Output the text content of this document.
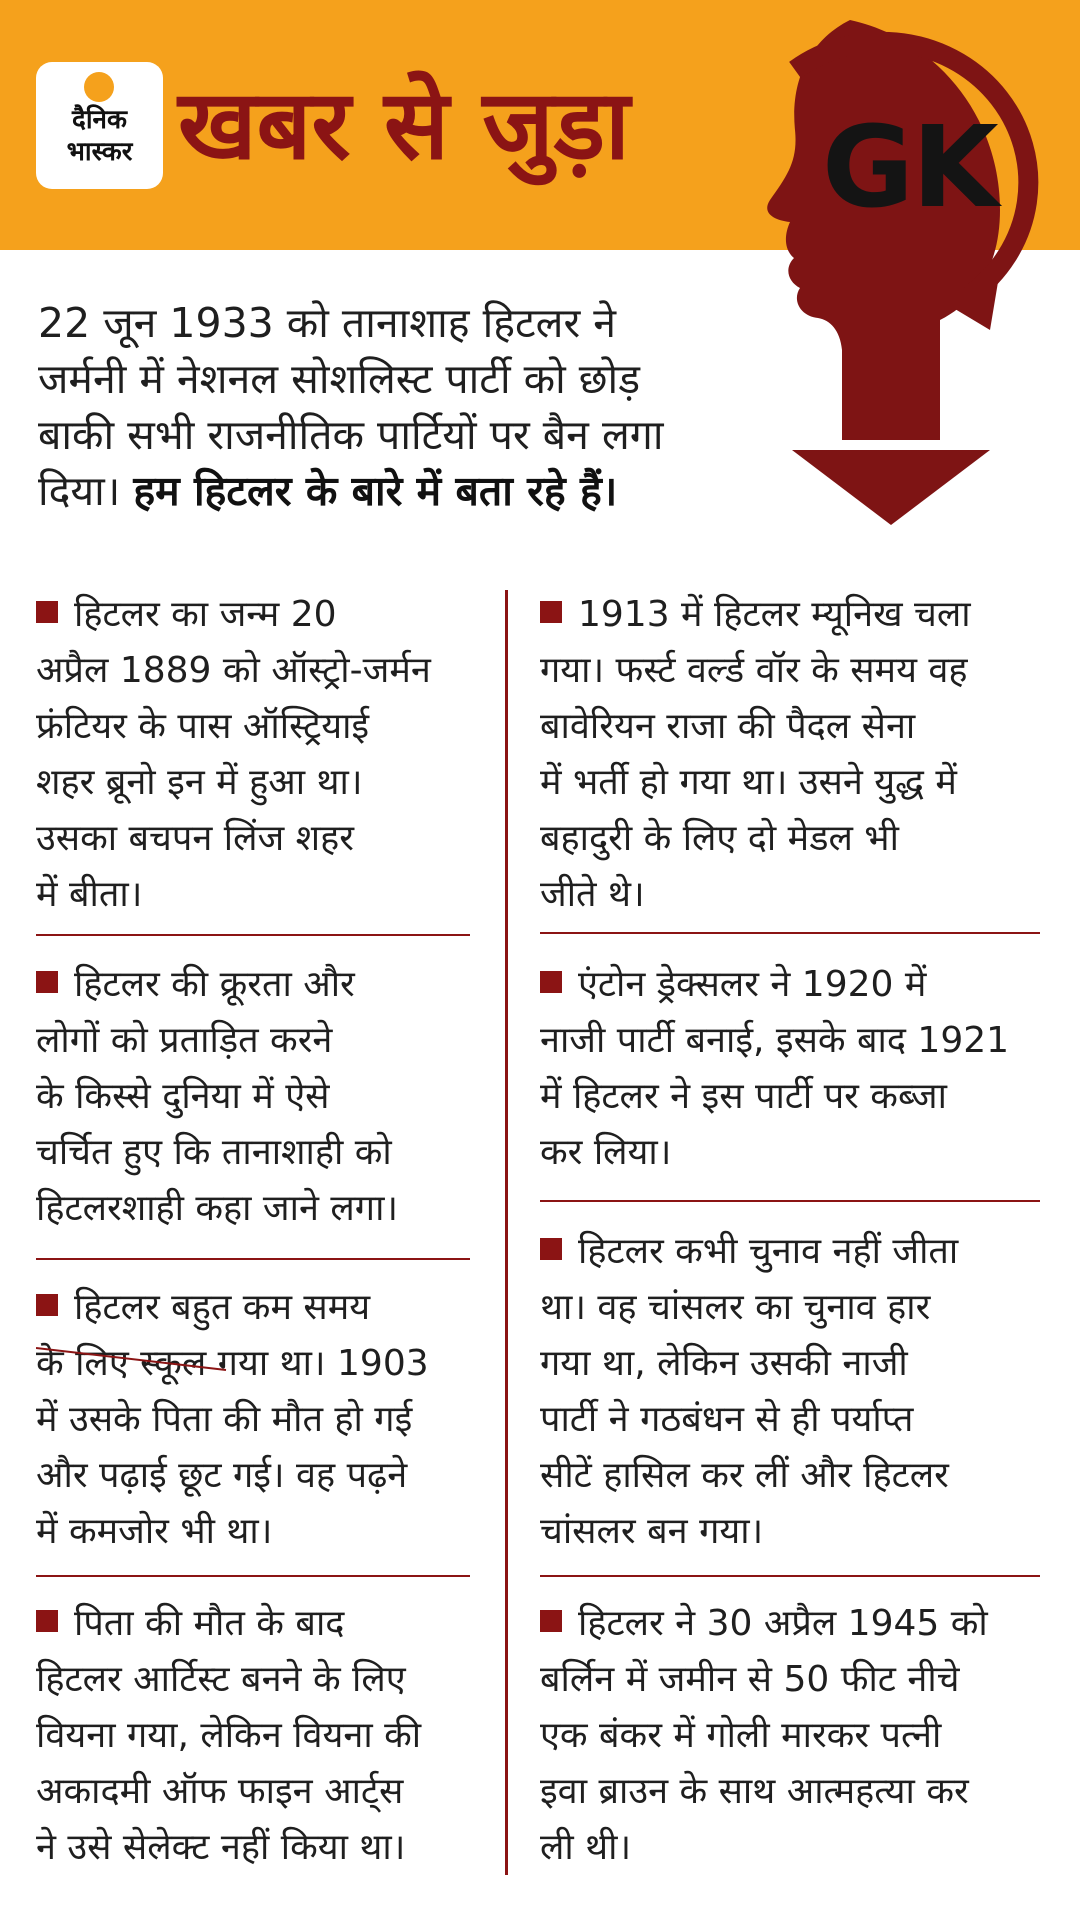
दैनिक
भास्कर खबर से जुड़ा GK

22 जून 1933 को तानाशाह हिटलर ने

जर्मनी में नेशनल सोशलिस्ट पार्टी को छोड़

बाकी सभी राजनीतिक पार्टियों पर बैन लगा

दिया। हम हिटलर के बारे में बता रहे हैं।

हिटलर का जन्म 20

अप्रैल 1889 को ऑस्ट्रो-जर्मन

फ्रंटियर के पास ऑस्ट्रियाई

शहर ब्रूनो इन में हुआ था।

उसका बचपन लिंज शहर

में बीता।

हिटलर की क्रूरता और

लोगों को प्रताड़ित करने

के किस्से दुनिया में ऐसे

चर्चित हुए कि तानाशाही को

हिटलरशाही कहा जाने लगा।

हिटलर बहुत कम समय

के लिए स्कूल गया था। 1903

में उसके पिता की मौत हो गई

और पढ़ाई छूट गई। वह पढ़ने

में कमजोर भी था।

पिता की मौत के बाद

हिटलर आर्टिस्ट बनने के लिए

वियना गया, लेकिन वियना की

अकादमी ऑफ फाइन आर्ट्स

ने उसे सेलेक्ट नहीं किया था।

1913 में हिटलर म्यूनिख चला

गया। फर्स्ट वर्ल्ड वॉर के समय वह

बावेरियन राजा की पैदल सेना

में भर्ती हो गया था। उसने युद्ध में

बहादुरी के लिए दो मेडल भी

जीते थे।

एंटोन ड्रेक्सलर ने 1920 में

नाजी पार्टी बनाई, इसके बाद 1921

में हिटलर ने इस पार्टी पर कब्जा

कर लिया।

हिटलर कभी चुनाव नहीं जीता

था। वह चांसलर का चुनाव हार

गया था, लेकिन उसकी नाजी

पार्टी ने गठबंधन से ही पर्याप्त

सीटें हासिल कर लीं और हिटलर

चांसलर बन गया।

हिटलर ने 30 अप्रैल 1945 को

बर्लिन में जमीन से 50 फीट नीचे

एक बंकर में गोली मारकर पत्नी

इवा ब्राउन के साथ आत्महत्या कर

ली थी।
